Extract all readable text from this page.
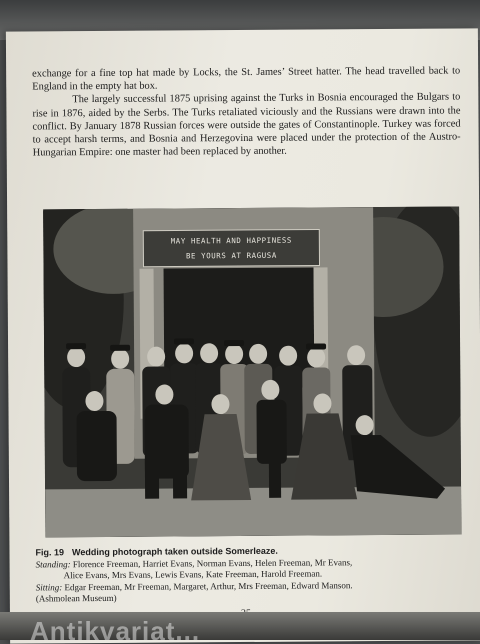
exchange for a fine top hat made by Locks, the St. James’ Street hatter. The head travelled back to England in the empty hat box.

The largely successful 1875 uprising against the Turks in Bosnia encouraged the Bulgars to rise in 1876, aided by the Serbs. The Turks retaliated viciously and the Russians were drawn into the conflict. By January 1878 Russian forces were outside the gates of Constantinople. Turkey was forced to accept harsh terms, and Bosnia and Herzegovina were placed under the protection of the Austro-Hungarian Empire: one master had been replaced by another.

MAY HEALTH AND HAPPINESS
BE YOURS AT RAGUSA
Fig. 19 Wedding photograph taken outside Somerleaze.
Standing: Florence Freeman, Harriet Evans, Norman Evans, Helen Freeman, Mr Evans,
Alice Evans, Mrs Evans, Lewis Evans, Kate Freeman, Harold Freeman.
Sitting: Edgar Freeman, Mr Freeman, Margaret, Arthur, Mrs Freeman, Edward Manson.
(Ashmolean Museum)
Antikvariat...
